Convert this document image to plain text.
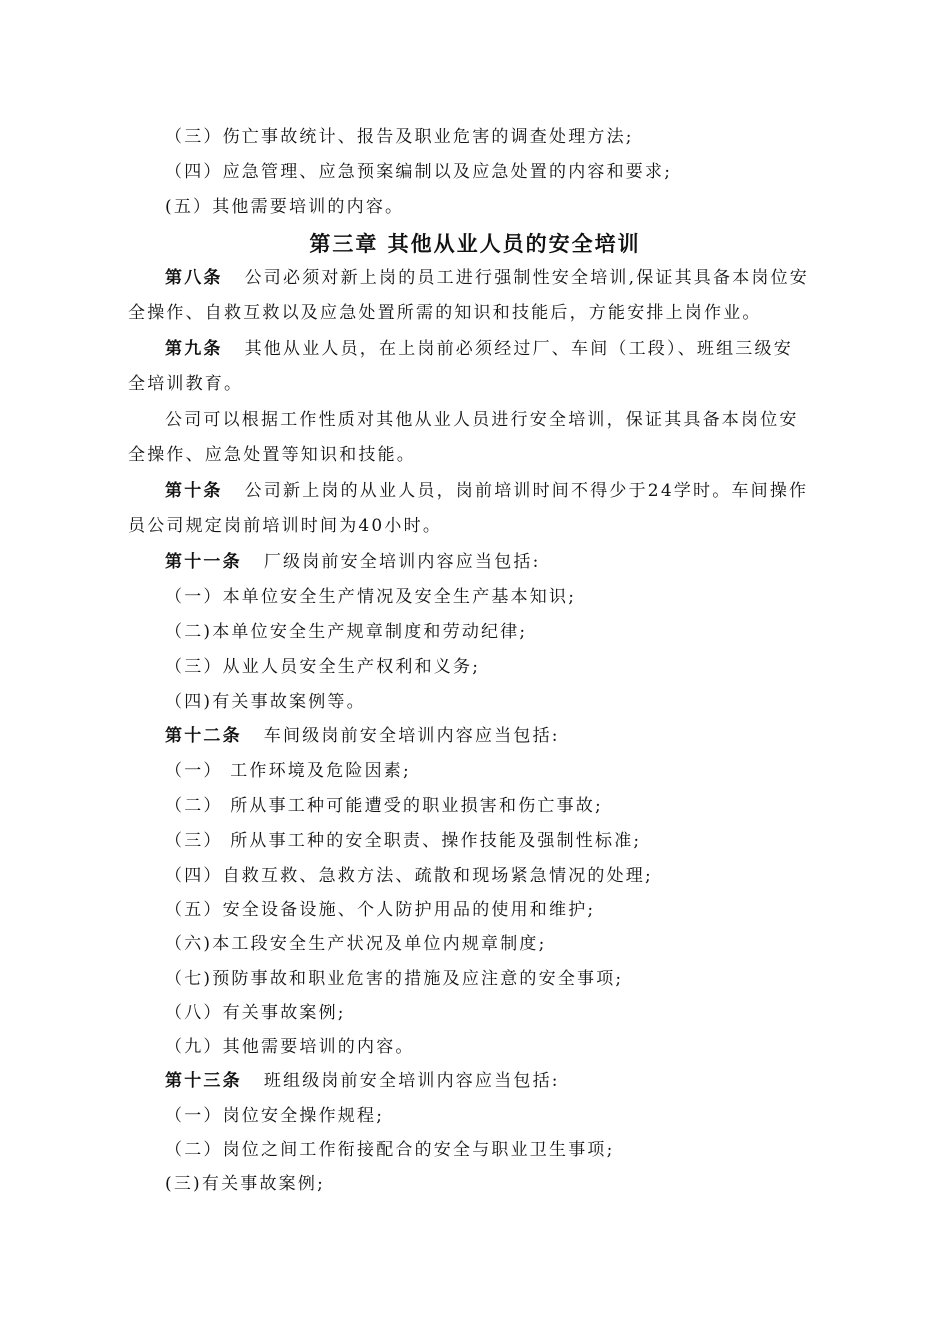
（三）伤亡事故统计、报告及职业危害的调查处理方法;
（四）应急管理、应急预案编制以及应急处置的内容和要求;
(五）其他需要培训的内容。
第三章 其他从业人员的安全培训
第八条 公司必须对新上岗的员工进行强制性安全培训,保证其具备本岗位安
全操作、自救互救以及应急处置所需的知识和技能后，方能安排上岗作业。
第九条 其他从业人员，在上岗前必须经过厂、车间（工段）、班组三级安
全培训教育。
公司可以根据工作性质对其他从业人员进行安全培训，保证其具备本岗位安
全操作、应急处置等知识和技能。
第十条 公司新上岗的从业人员，岗前培训时间不得少于24学时。车间操作
员公司规定岗前培训时间为40小时。
第十一条 厂级岗前安全培训内容应当包括:
（一）本单位安全生产情况及安全生产基本知识;
（二)本单位安全生产规章制度和劳动纪律;
（三）从业人员安全生产权利和义务;
（四)有关事故案例等。
第十二条 车间级岗前安全培训内容应当包括:
（一） 工作环境及危险因素;
（二） 所从事工种可能遭受的职业损害和伤亡事故;
（三） 所从事工种的安全职责、操作技能及强制性标准;
（四）自救互救、急救方法、疏散和现场紧急情况的处理;
（五）安全设备设施、个人防护用品的使用和维护;
（六)本工段安全生产状况及单位内规章制度;
（七)预防事故和职业危害的措施及应注意的安全事项;
（八）有关事故案例;
（九）其他需要培训的内容。
第十三条 班组级岗前安全培训内容应当包括:
（一）岗位安全操作规程;
（二）岗位之间工作衔接配合的安全与职业卫生事项;
(三)有关事故案例;
